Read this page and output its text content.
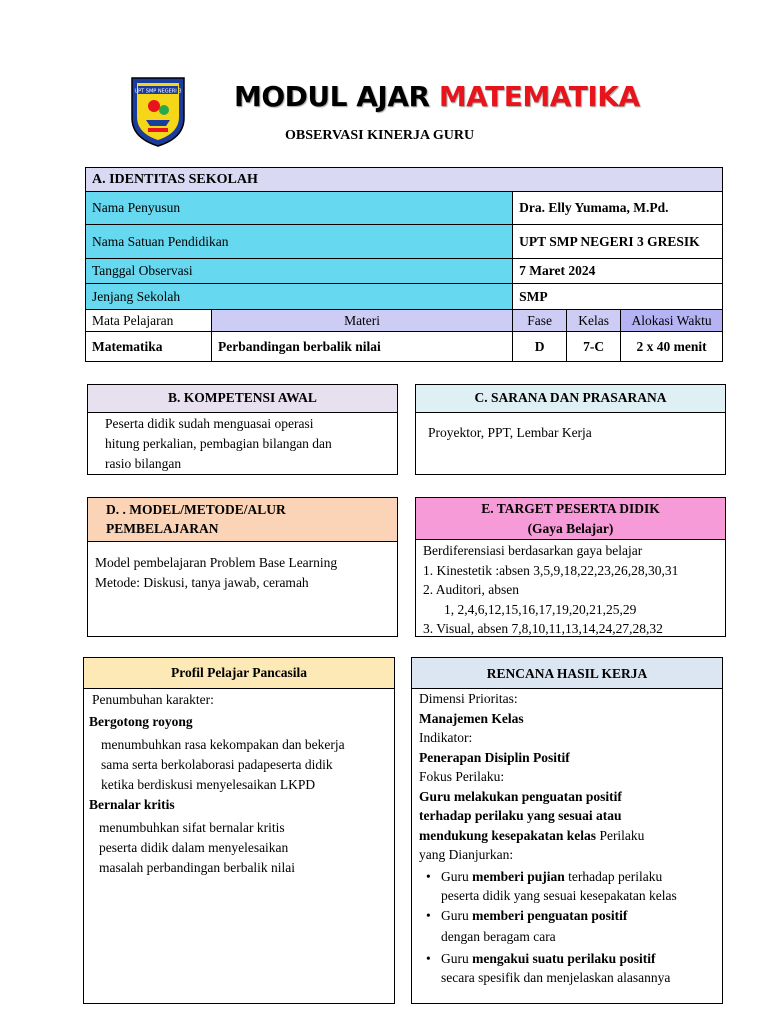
UPT SMP NEGERI 3 MODUL AJAR MATEMATIKA
OBSERVASI KINERJA GURU
A. IDENTITAS SEKOLAH				
Nama Penyusun		Dra. Elly Yumama, M.Pd.		
Nama Satuan Pendidikan		UPT SMP NEGERI 3 GRESIK		
Tanggal Observasi		7 Maret 2024		
Jenjang Sekolah		SMP		
Mata Pelajaran	Materi	Fase	Kelas	Alokasi Waktu
Matematika	Perbandingan berbalik nilai	D	7-C	2 x 40 menit
B. KOMPETENSI AWAL
Peserta didik sudah menguasai operasi
hitung perkalian, pembagian bilangan dan
rasio bilangan
C. SARANA DAN PRASARANA
Proyektor, PPT, Lembar Kerja
D. . MODEL/METODE/ALUR
PEMBELAJARAN
Model pembelajaran Problem Base Learning
Metode: Diskusi, tanya jawab, ceramah
E. TARGET PESERTA DIDIK
(Gaya Belajar)
Berdiferensiasi berdasarkan gaya belajar
1. Kinestetik :absen 3,5,9,18,22,23,26,28,30,31
2. Auditori, absen
1, 2,4,6,12,15,16,17,19,20,21,25,29
3. Visual, absen 7,8,10,11,13,14,24,27,28,32
Profil Pelajar Pancasila
Penumbuhan karakter:
Bergotong royong
menumbuhkan rasa kekompakan dan bekerja
sama serta berkolaborasi padapeserta didik
ketika berdiskusi menyelesaikan LKPD
Bernalar kritis
menumbuhkan sifat bernalar kritis
peserta didik dalam menyelesaikan
masalah perbandingan berbalik nilai
RENCANA HASIL KERJA
Dimensi Prioritas:
Manajemen Kelas
Indikator:
Penerapan Disiplin Positif
Fokus Perilaku:
Guru melakukan penguatan positif
terhadap perilaku yang sesuai atau
mendukung kesepakatan kelas Perilaku
yang Dianjurkan:
• Guru memberi pujian terhadap perilaku
peserta didik yang sesuai kesepakatan kelas
• Guru memberi penguatan positif
dengan beragam cara
• Guru mengakui suatu perilaku positif
secara spesifik dan menjelaskan alasannya
